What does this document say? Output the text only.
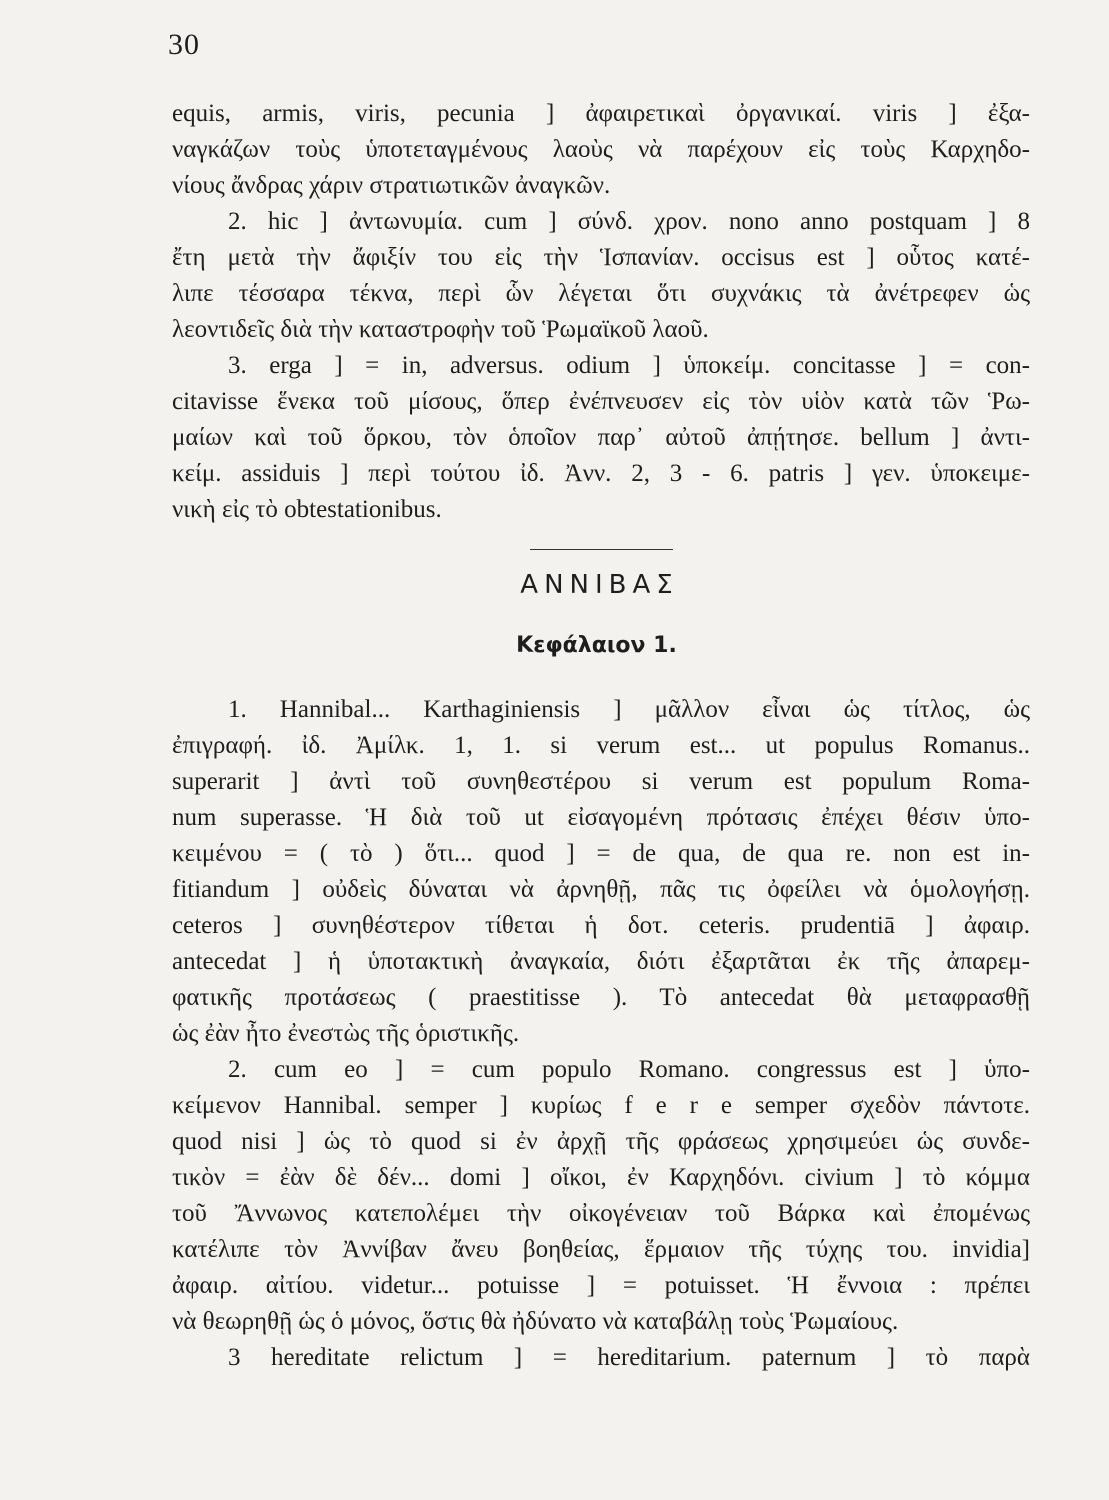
30
equis, armis, viris, pecunia ] ἀφαιρετικαὶ ὀργανικαί. viris ] ἐξα-
ναγκάζων τοὺς ὑποτεταγμένους λαοὺς νὰ παρέχουν εἰς τοὺς Καρχηδο-
νίους ἄνδρας χάριν στρατιωτικῶν ἀναγκῶν.
2. hic ] ἀντωνυμία. cum ] σύνδ. χρον. nono anno postquam ] 8
ἔτη μετὰ τὴν ἄφιξίν του εἰς τὴν Ἱσπανίαν. occisus est ] οὗτος κατέ-
λιπε τέσσαρα τέκνα, περὶ ὧν λέγεται ὅτι συχνάκις τὰ ἀνέτρεφεν ὡς
λεοντιδεῖς διὰ τὴν καταστροφὴν τοῦ Ῥωμαϊκοῦ λαοῦ.
3. erga ] = in, adversus. odium ] ὑποκείμ. concitasse ] = con-
citavisse ἕνεκα τοῦ μίσους, ὅπερ ἐνέπνευσεν εἰς τὸν υἱὸν κατὰ τῶν Ῥω-
μαίων καὶ τοῦ ὅρκου, τὸν ὁποῖον παρ᾽ αὐτοῦ ἀπῄτησε. bellum ] ἀντι-
κείμ. assiduis ] περὶ τούτου ἰδ. Ἀνν. 2, 3 - 6. patris ] γεν. ὑποκειμε-
νικὴ εἰς τὸ obtestationibus.
ΑΝΝΙΒΑΣ
Κεφάλαιον 1.
1. Hannibal... Karthaginiensis ] μᾶλλον εἶναι ὡς τίτλος, ὡς
ἐπιγραφή. ἰδ. Ἀμίλκ. 1, 1. si verum est... ut populus Romanus..
superarit ] ἀντὶ τοῦ συνηθεστέρου si verum est populum Roma-
num superasse. Ἡ διὰ τοῦ ut εἰσαγομένη πρότασις ἐπέχει θέσιν ὑπο-
κειμένου = ( τὸ ) ὅτι... quod ] = de qua, de qua re. non est in-
fitiandum ] οὐδεὶς δύναται νὰ ἀρνηθῇ, πᾶς τις ὀφείλει νὰ ὁμολογήσῃ.
ceteros ] συνηθέστερον τίθεται ἡ δοτ. ceteris. prudentiā ] ἀφαιρ.
antecedat ] ἡ ὑποτακτικὴ ἀναγκαία, διότι ἐξαρτᾶται ἐκ τῆς ἀπαρεμ-
φατικῆς προτάσεως ( praestitisse ). Τὸ antecedat θὰ μεταφρασθῇ
ὡς ἐὰν ἦτο ἐνεστὼς τῆς ὁριστικῆς.
2. cum eo ] = cum populo Romano. congressus est ] ὑπο-
κείμενον Hannibal. semper ] κυρίως f e r e semper σχεδὸν πάντοτε.
quod nisi ] ὡς τὸ quod si ἐν ἀρχῇ τῆς φράσεως χρησιμεύει ὡς συνδε-
τικὸν = ἐὰν δὲ δέν... domi ] οἴκοι, ἐν Καρχηδόνι. civium ] τὸ κόμμα
τοῦ Ἄννωνος κατεπολέμει τὴν οἰκογένειαν τοῦ Βάρκα καὶ ἐπομένως
κατέλιπε τὸν Ἀννίβαν ἄνευ βοηθείας, ἕρμαιον τῆς τύχης του. invidia]
ἀφαιρ. αἰτίου. videtur... potuisse ] = potuisset. Ἡ ἔννοια : πρέπει
νὰ θεωρηθῇ ὡς ὁ μόνος, ὅστις θὰ ἠδύνατο νὰ καταβάλῃ τοὺς Ῥωμαίους.
3 hereditate relictum ] = hereditarium. paternum ] τὸ παρὰ
